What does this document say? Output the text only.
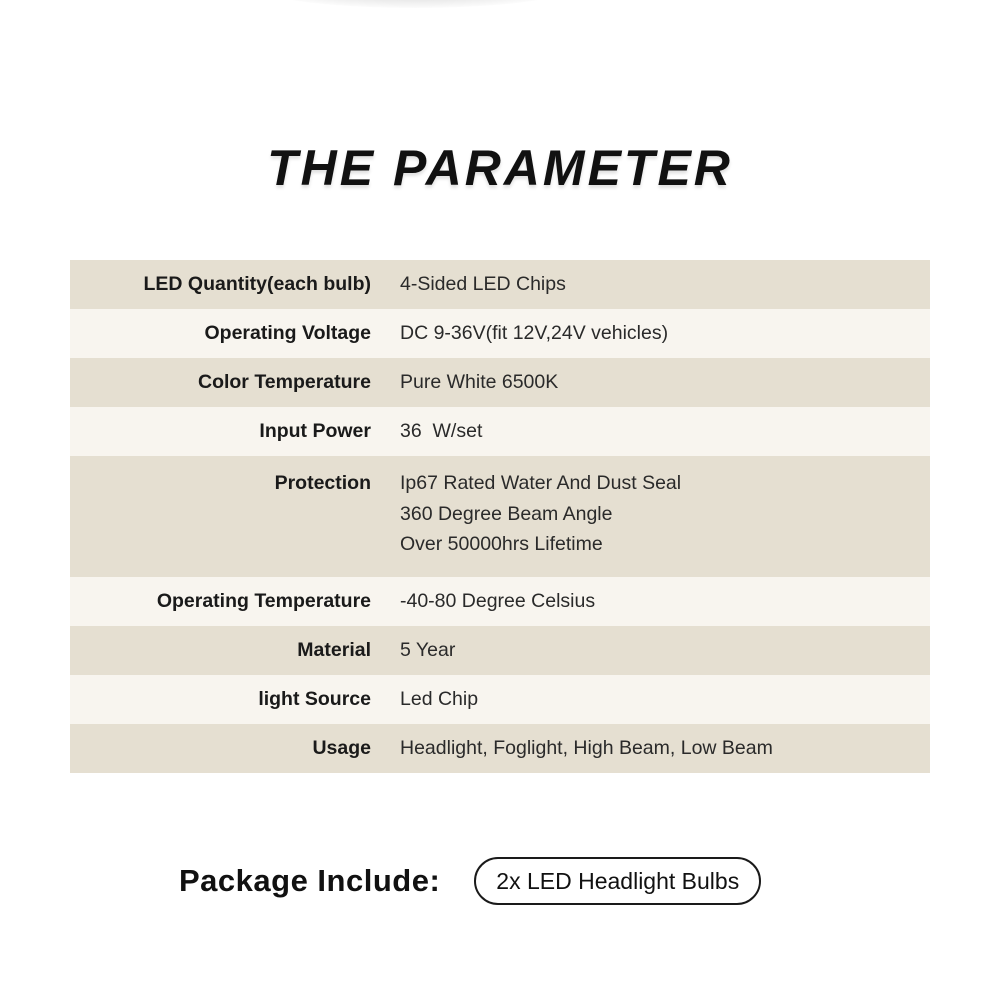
THE PARAMETER
LED Quantity(each bulb) 4-Sided LED Chips
Operating Voltage DC 9-36V(fit 12V,24V vehicles)
Color Temperature Pure White 6500K
Input Power 36  W/set
Protection Ip67 Rated Water And Dust Seal
360 Degree Beam Angle
Over 50000hrs Lifetime
Operating Temperature -40-80 Degree Celsius
Material 5 Year
light Source Led Chip
Usage Headlight, Foglight, High Beam, Low Beam
Package Include:	2x LED Headlight Bulbs
